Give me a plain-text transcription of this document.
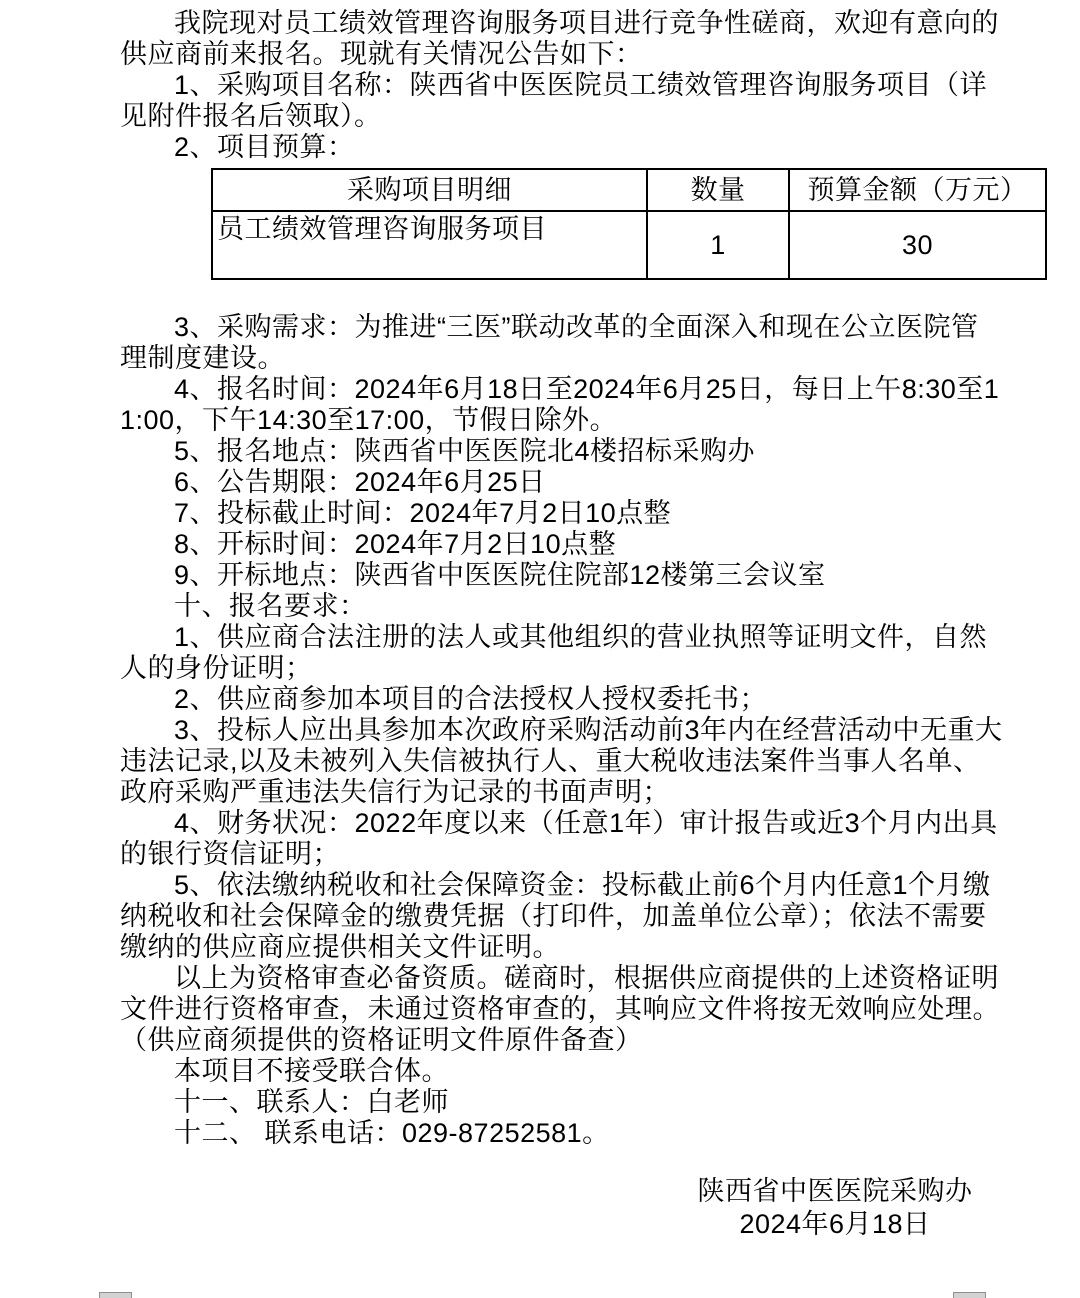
我院现对员工绩效管理咨询服务项目进行竞争性磋商，欢迎有意向的供应商前来报名。现就有关情况公告如下：

1、采购项目名称：陕西省中医医院员工绩效管理咨询服务项目（详见附件报名后领取）。

2、项目预算：

采购项目明细	数量	预算金额（万元）
员工绩效管理咨询服务项目	1	30

3、采购需求：为推进“三医”联动改革的全面深入和现在公立医院管理制度建设。

4、报名时间：2024年6月18日至2024年6月25日，每日上午8:30至11:00，下午14:30至17:00，节假日除外。

5、报名地点：陕西省中医医院北4楼招标采购办

6、公告期限：2024年6月25日

7、投标截止时间：2024年7月2日10点整

8、开标时间：2024年7月2日10点整

9、开标地点：陕西省中医医院住院部12楼第三会议室

十、报名要求：

1、供应商合法注册的法人或其他组织的营业执照等证明文件，自然人的身份证明；

2、供应商参加本项目的合法授权人授权委托书；

3、投标人应出具参加本次政府采购活动前3年内在经营活动中无重大违法记录,以及未被列入失信被执行人、重大税收违法案件当事人名单、政府采购严重违法失信行为记录的书面声明；

4、财务状况：2022年度以来（任意1年）审计报告或近3个月内出具的银行资信证明；

5、依法缴纳税收和社会保障资金：投标截止前6个月内任意1个月缴纳税收和社会保障金的缴费凭据（打印件，加盖单位公章）；依法不需要缴纳的供应商应提供相关文件证明。

以上为资格审查必备资质。磋商时，根据供应商提供的上述资格证明文件进行资格审查，未通过资格审查的，其响应文件将按无效响应处理。（供应商须提供的资格证明文件原件备查）

本项目不接受联合体。

十一、联系人：白老师

十二、 联系电话：029-87252581。

陕西省中医医院采购办
2024年6月18日
